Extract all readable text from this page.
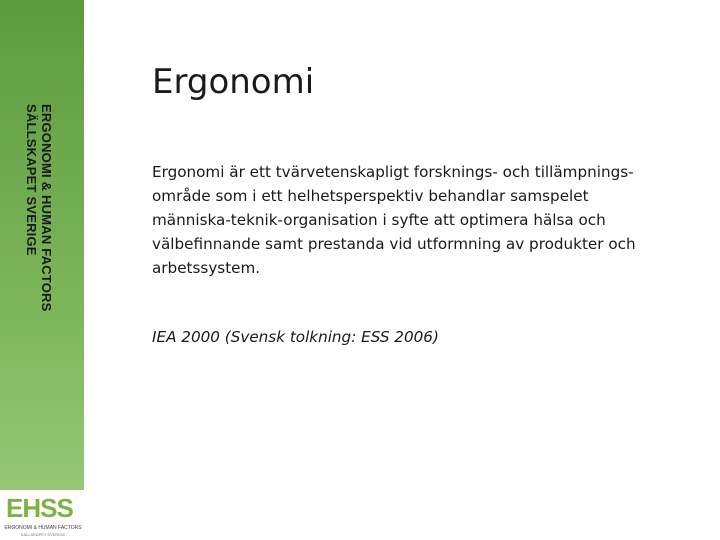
ERGONOMI & HUMAN FACTORS
SÄLLSKAPET SVERIGE
EHSS
ERGONOMI & HUMAN FACTORS
SÄLLSKAPET SVERIGE
Ergonomi
Ergonomi är ett tvärvetenskapligt forsknings- och tillämpnings-
område som i ett helhetsperspektiv behandlar samspelet
människa-teknik-organisation i syfte att optimera hälsa och
välbefinnande samt prestanda vid utformning av produkter och
arbetssystem.
IEA 2000 (Svensk tolkning: ESS 2006)
